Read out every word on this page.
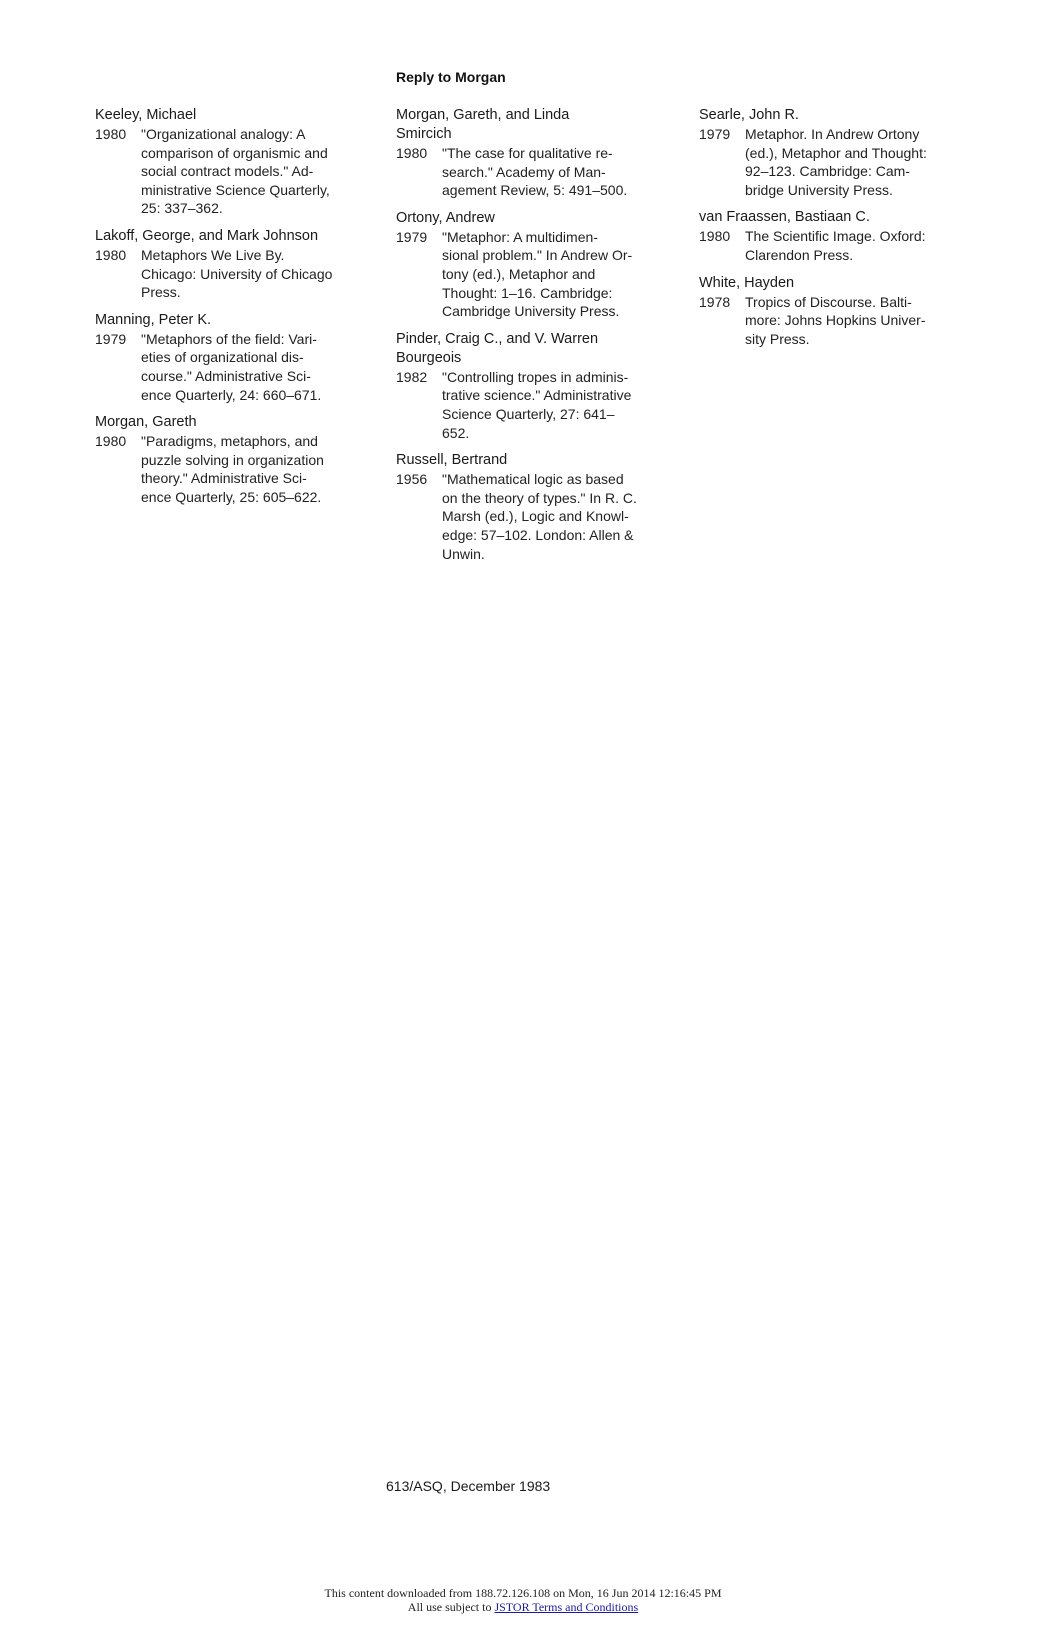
Reply to Morgan
Keeley, Michael
1980	"Organizational analogy: A
comparison of organismic and
social contract models." Ad-
ministrative Science Quarterly,
25: 337–362.
Lakoff, George, and Mark Johnson
1980	Metaphors We Live By.
Chicago: University of Chicago
Press.
Manning, Peter K.
1979	"Metaphors of the field: Vari-
eties of organizational dis-
course." Administrative Sci-
ence Quarterly, 24: 660–671.
Morgan, Gareth
1980	"Paradigms, metaphors, and
puzzle solving in organization
theory." Administrative Sci-
ence Quarterly, 25: 605–622.
Morgan, Gareth, and Linda
Smircich
1980	"The case for qualitative re-
search." Academy of Man-
agement Review, 5: 491–500.
Ortony, Andrew
1979	"Metaphor: A multidimen-
sional problem." In Andrew Or-
tony (ed.), Metaphor and
Thought: 1–16. Cambridge:
Cambridge University Press.
Pinder, Craig C., and V. Warren
Bourgeois
1982	"Controlling tropes in adminis-
trative science." Administrative
Science Quarterly, 27: 641–
652.
Russell, Bertrand
1956	"Mathematical logic as based
on the theory of types." In R. C.
Marsh (ed.), Logic and Knowl-
edge: 57–102. London: Allen &
Unwin.
Searle, John R.
1979	Metaphor. In Andrew Ortony
(ed.), Metaphor and Thought:
92–123. Cambridge: Cam-
bridge University Press.
van Fraassen, Bastiaan C.
1980	The Scientific Image. Oxford:
Clarendon Press.
White, Hayden
1978	Tropics of Discourse. Balti-
more: Johns Hopkins Univer-
sity Press.
613/ASQ, December 1983
This content downloaded from 188.72.126.108 on Mon, 16 Jun 2014 12:16:45 PM
All use subject to JSTOR Terms and Conditions
